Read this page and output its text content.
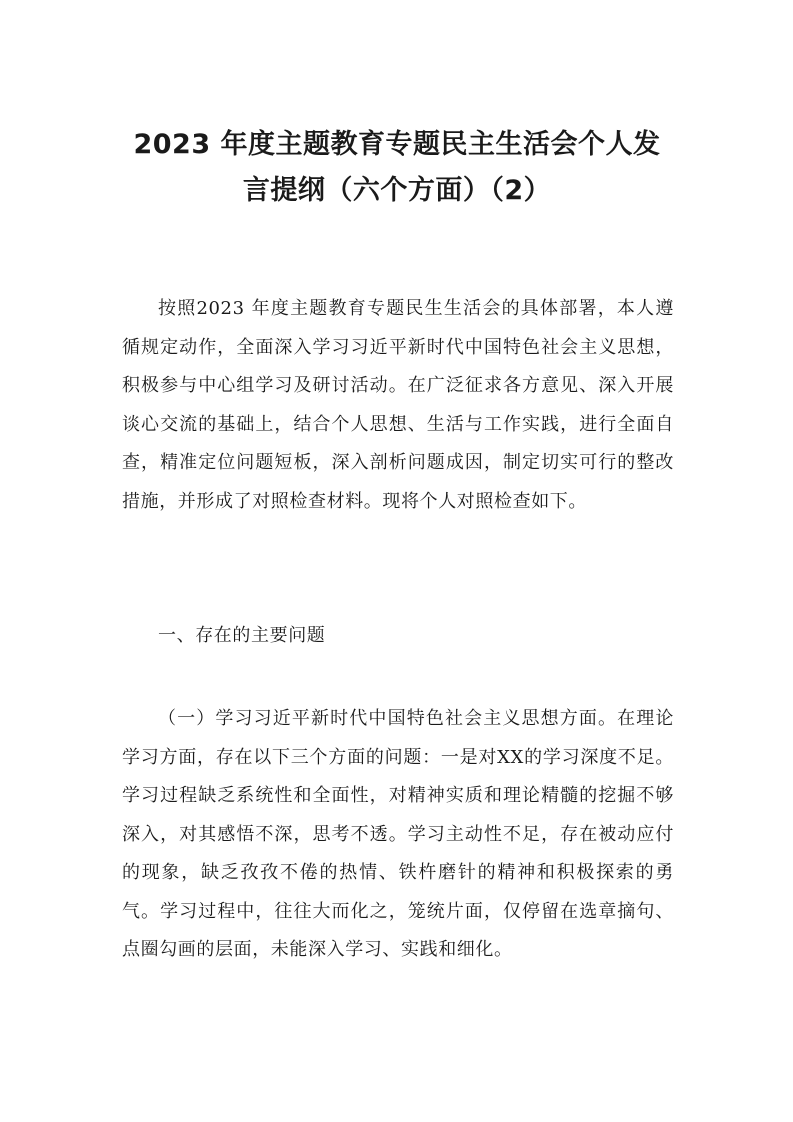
2023 年度主题教育专题民主生活会个人发
言提纲（六个方面）（2）

按照2023 年度主题教育专题民生生活会的具体部署，本人遵循规定动作，全面深入学习习近平新时代中国特色社会主义思想，积极参与中心组学习及研讨活动。在广泛征求各方意见、深入开展谈心交流的基础上，结合个人思想、生活与工作实践，进行全面自查，精准定位问题短板，深入剖析问题成因，制定切实可行的整改措施，并形成了对照检查材料。现将个人对照检查如下。

一、存在的主要问题

（一）学习习近平新时代中国特色社会主义思想方面。在理论学习方面，存在以下三个方面的问题：一是对XX的学习深度不足。学习过程缺乏系统性和全面性，对精神实质和理论精髓的挖掘不够深入，对其感悟不深，思考不透。学习主动性不足，存在被动应付的现象，缺乏孜孜不倦的热情、铁杵磨针的精神和积极探索的勇气。学习过程中，往往大而化之，笼统片面，仅停留在选章摘句、点圈勾画的层面，未能深入学习、实践和细化。
